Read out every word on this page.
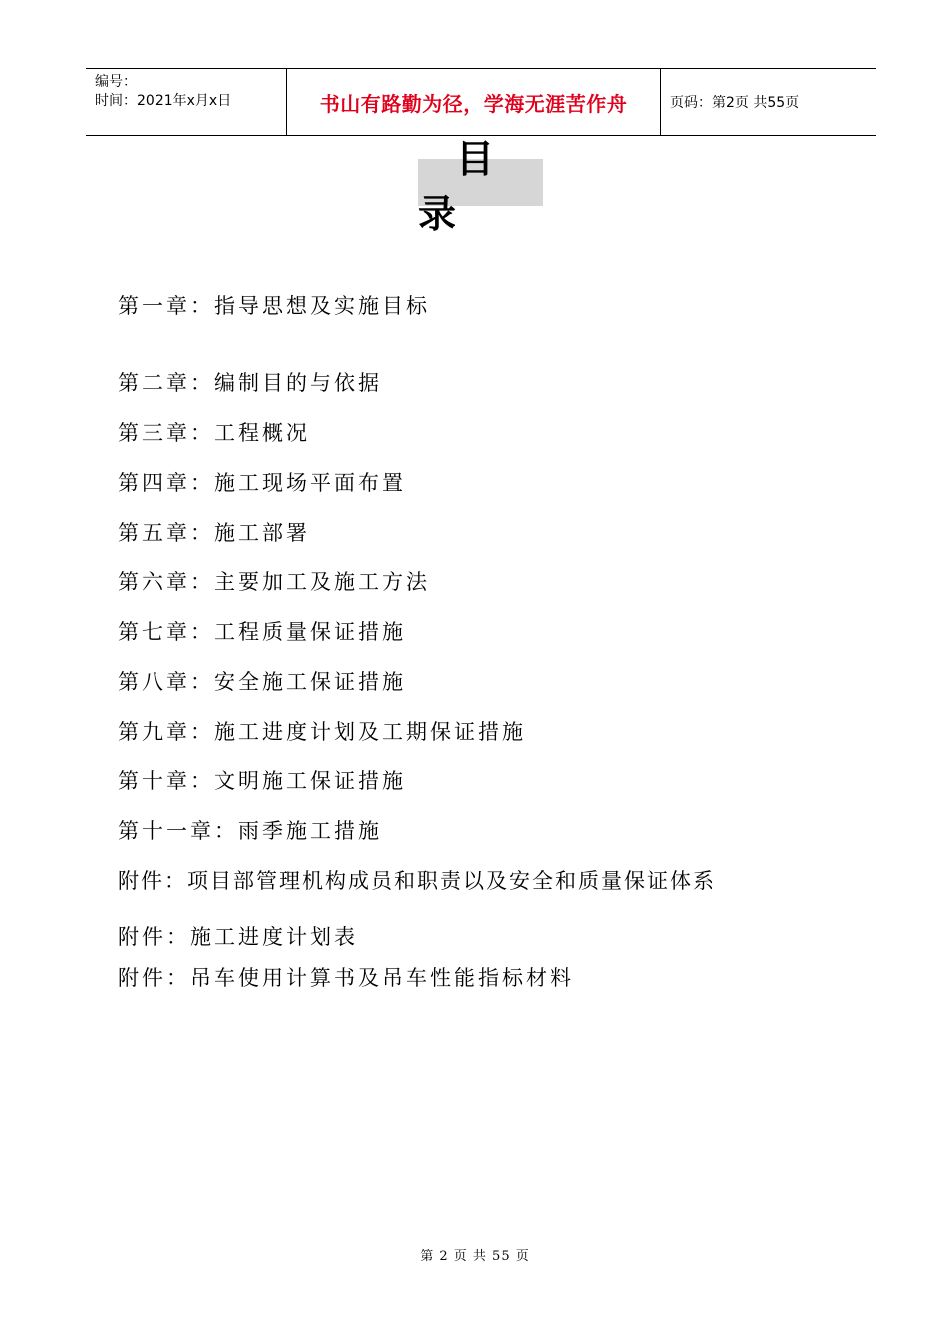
编号：
时间：2021年x月x日	书山有路勤为径，学海无涯苦作舟	页码：第2页 共55页
目录
第一章：指导思想及实施目标
第二章：编制目的与依据
第三章：工程概况
第四章：施工现场平面布置
第五章：施工部署
第六章：主要加工及施工方法
第七章：工程质量保证措施
第八章：安全施工保证措施
第九章：施工进度计划及工期保证措施
第十章：文明施工保证措施
第十一章：雨季施工措施
附件：项目部管理机构成员和职责以及安全和质量保证体系
附件：施工进度计划表
附件：吊车使用计算书及吊车性能指标材料
第 2 页 共 55 页
